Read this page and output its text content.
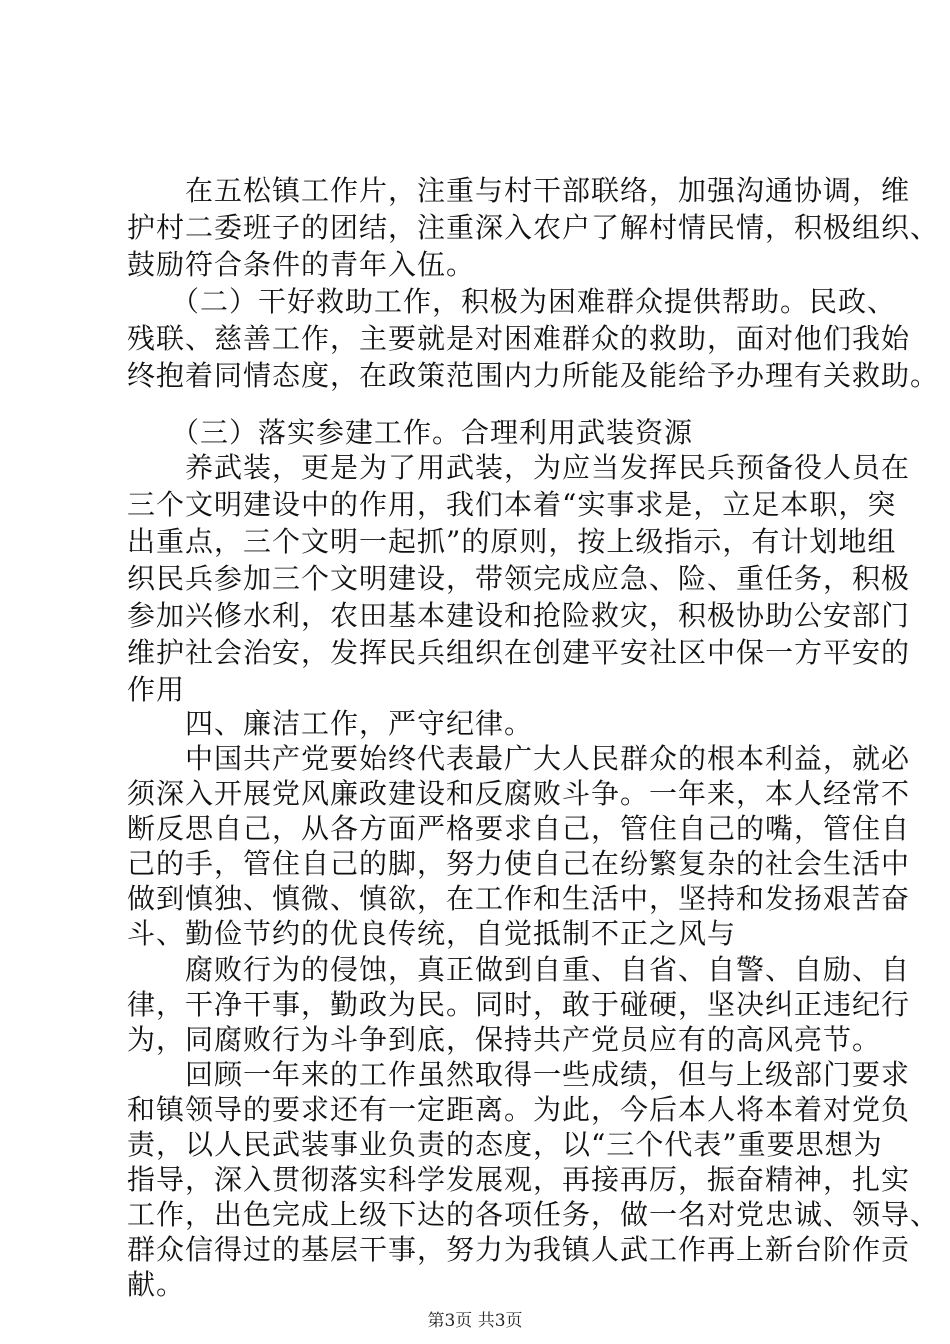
　　在五松镇工作片，注重与村干部联络，加强沟通协调，维
护村二委班子的团结，注重深入农户了解村情民情，积极组织、
鼓励符合条件的青年入伍。
　　（二）干好救助工作，积极为困难群众提供帮助。民政、
残联、慈善工作，主要就是对困难群众的救助，面对他们我始
终抱着同情态度，在政策范围内力所能及能给予办理有关救助。
　　（三）落实参建工作。合理利用武装资源
　　养武装，更是为了用武装，为应当发挥民兵预备役人员在
三个文明建设中的作用，我们本着“实事求是，立足本职，突
出重点，三个文明一起抓”的原则，按上级指示，有计划地组
织民兵参加三个文明建设，带领完成应急、险、重任务，积极
参加兴修水利，农田基本建设和抢险救灾，积极协助公安部门
维护社会治安，发挥民兵组织在创建平安社区中保一方平安的
作用
　　四、廉洁工作，严守纪律。
　　中国共产党要始终代表最广大人民群众的根本利益，就必
须深入开展党风廉政建设和反腐败斗争。一年来，本人经常不
断反思自己，从各方面严格要求自己，管住自己的嘴，管住自
己的手，管住自己的脚，努力使自己在纷繁复杂的社会生活中
做到慎独、慎微、慎欲，在工作和生活中，坚持和发扬艰苦奋
斗、勤俭节约的优良传统，自觉抵制不正之风与
　　腐败行为的侵蚀，真正做到自重、自省、自警、自励、自
律，干净干事，勤政为民。同时，敢于碰硬，坚决纠正违纪行
为，同腐败行为斗争到底，保持共产党员应有的高风亮节。
　　回顾一年来的工作虽然取得一些成绩，但与上级部门要求
和镇领导的要求还有一定距离。为此，今后本人将本着对党负
责，以人民武装事业负责的态度，以“三个代表”重要思想为
指导，深入贯彻落实科学发展观，再接再厉，振奋精神，扎实
工作，出色完成上级下达的各项任务，做一名对党忠诚、领导、
群众信得过的基层干事，努力为我镇人武工作再上新台阶作贡
献。
第3页 共3页
